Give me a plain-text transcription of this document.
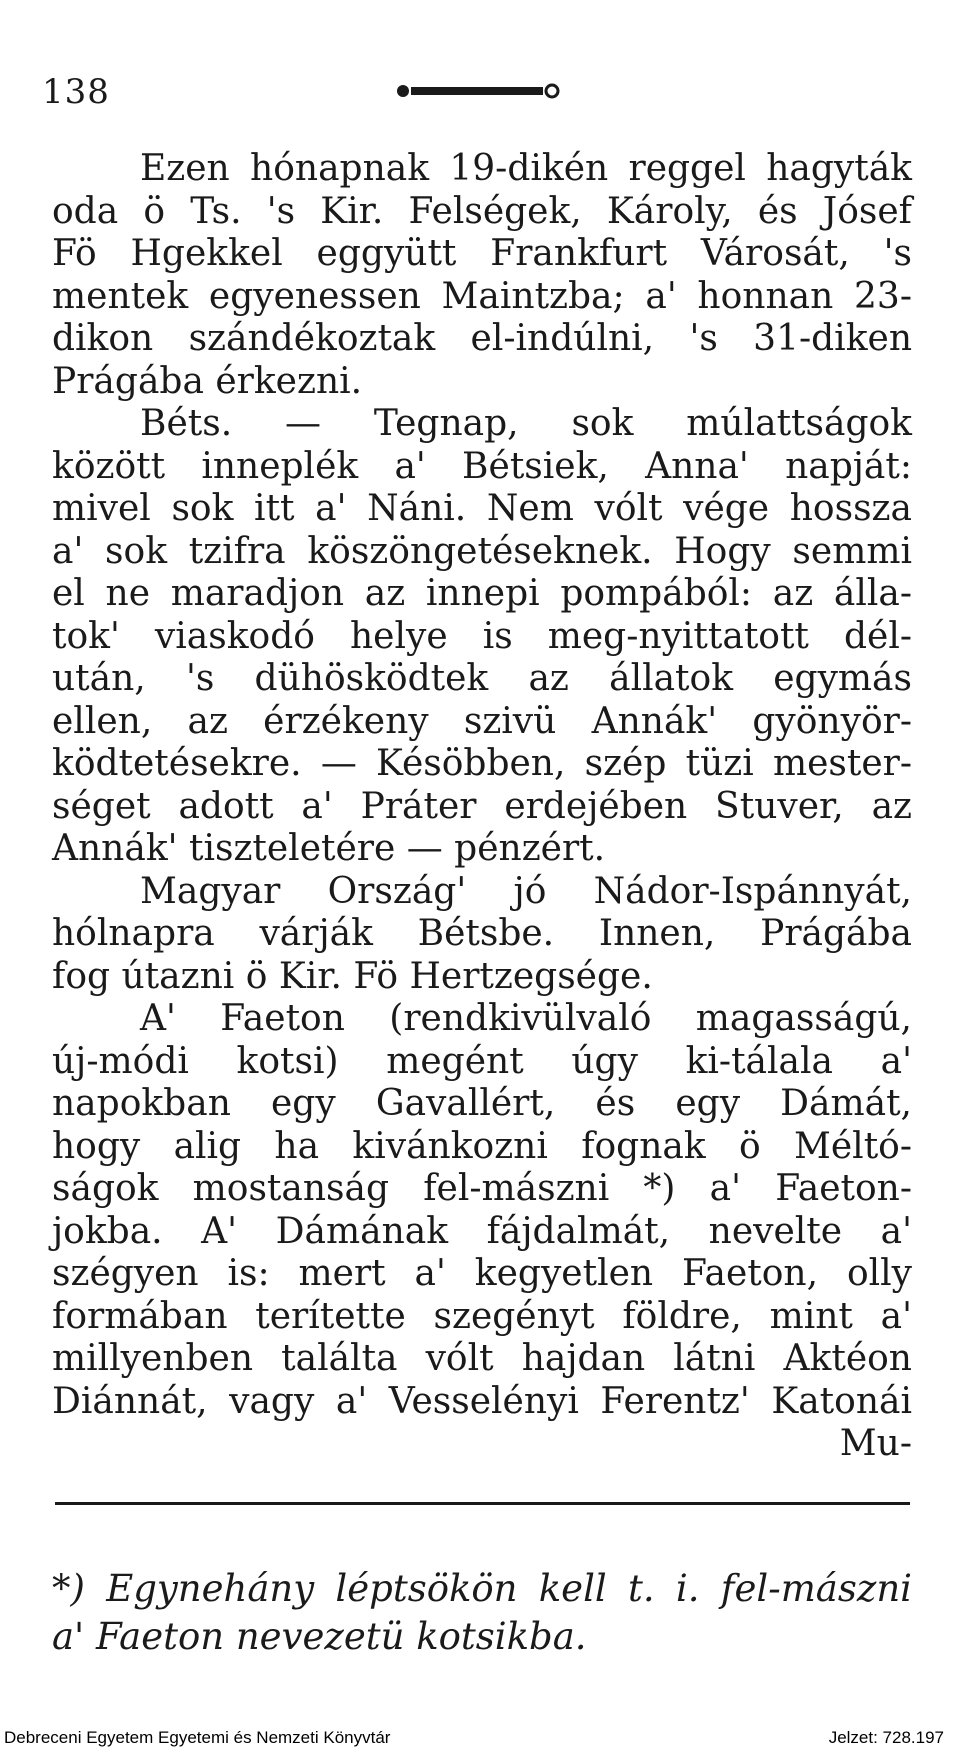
138
Ezen hónapnak 19-dikén reggel hagyták
oda ö Ts. 's Kir. Felségek, Károly, és Jósef
Fö Hgekkel eggyütt Frankfurt Városát, 's
mentek egyenessen Maintzba; a' honnan 23-
dikon szándékoztak el-indúlni, 's 31-diken
Prágába érkezni.
Béts. — Tegnap, sok múlattságok
között inneplék a' Bétsiek, Anna' napját:
mivel sok itt a' Náni. Nem vólt vége hossza
a' sok tzifra köszöngetéseknek. Hogy semmi
el ne maradjon az innepi pompából: az álla-
tok' viaskodó helye is meg-nyittatott dél-
után, 's dühösködtek az állatok egymás
ellen, az érzékeny szivü Annák' gyönyör-
ködtetésekre. — Késöbben, szép tüzi mester-
séget adott a' Práter erdejében Stuver, az
Annák' tiszteletére — pénzért.
Magyar Ország' jó Nádor-Ispánnyát,
hólnapra várják Bétsbe. Innen, Prágába
fog útazni ö Kir. Fö Hertzegsége.
A' Faeton (rendkivülvaló magasságú,
új-módi kotsi) megént úgy ki-tálala a'
napokban egy Gavallért, és egy Dámát,
hogy alig ha kivánkozni fognak ö Méltó-
ságok mostanság fel-mászni *) a' Faeton-
jokba. A' Dámának fájdalmát, nevelte a'
szégyen is: mert a' kegyetlen Faeton, olly
formában terítette szegényt földre, mint a'
millyenben találta vólt hajdan látni Aktéon
Diánnát, vagy a' Vesselényi Ferentz' Katonái
Mu-
*) Egynehány léptsökön kell t. i. fel-mászni
a' Faeton nevezetü kotsikba.
Debreceni Egyetem Egyetemi és Nemzeti Könyvtár	Jelzet: 728.197
